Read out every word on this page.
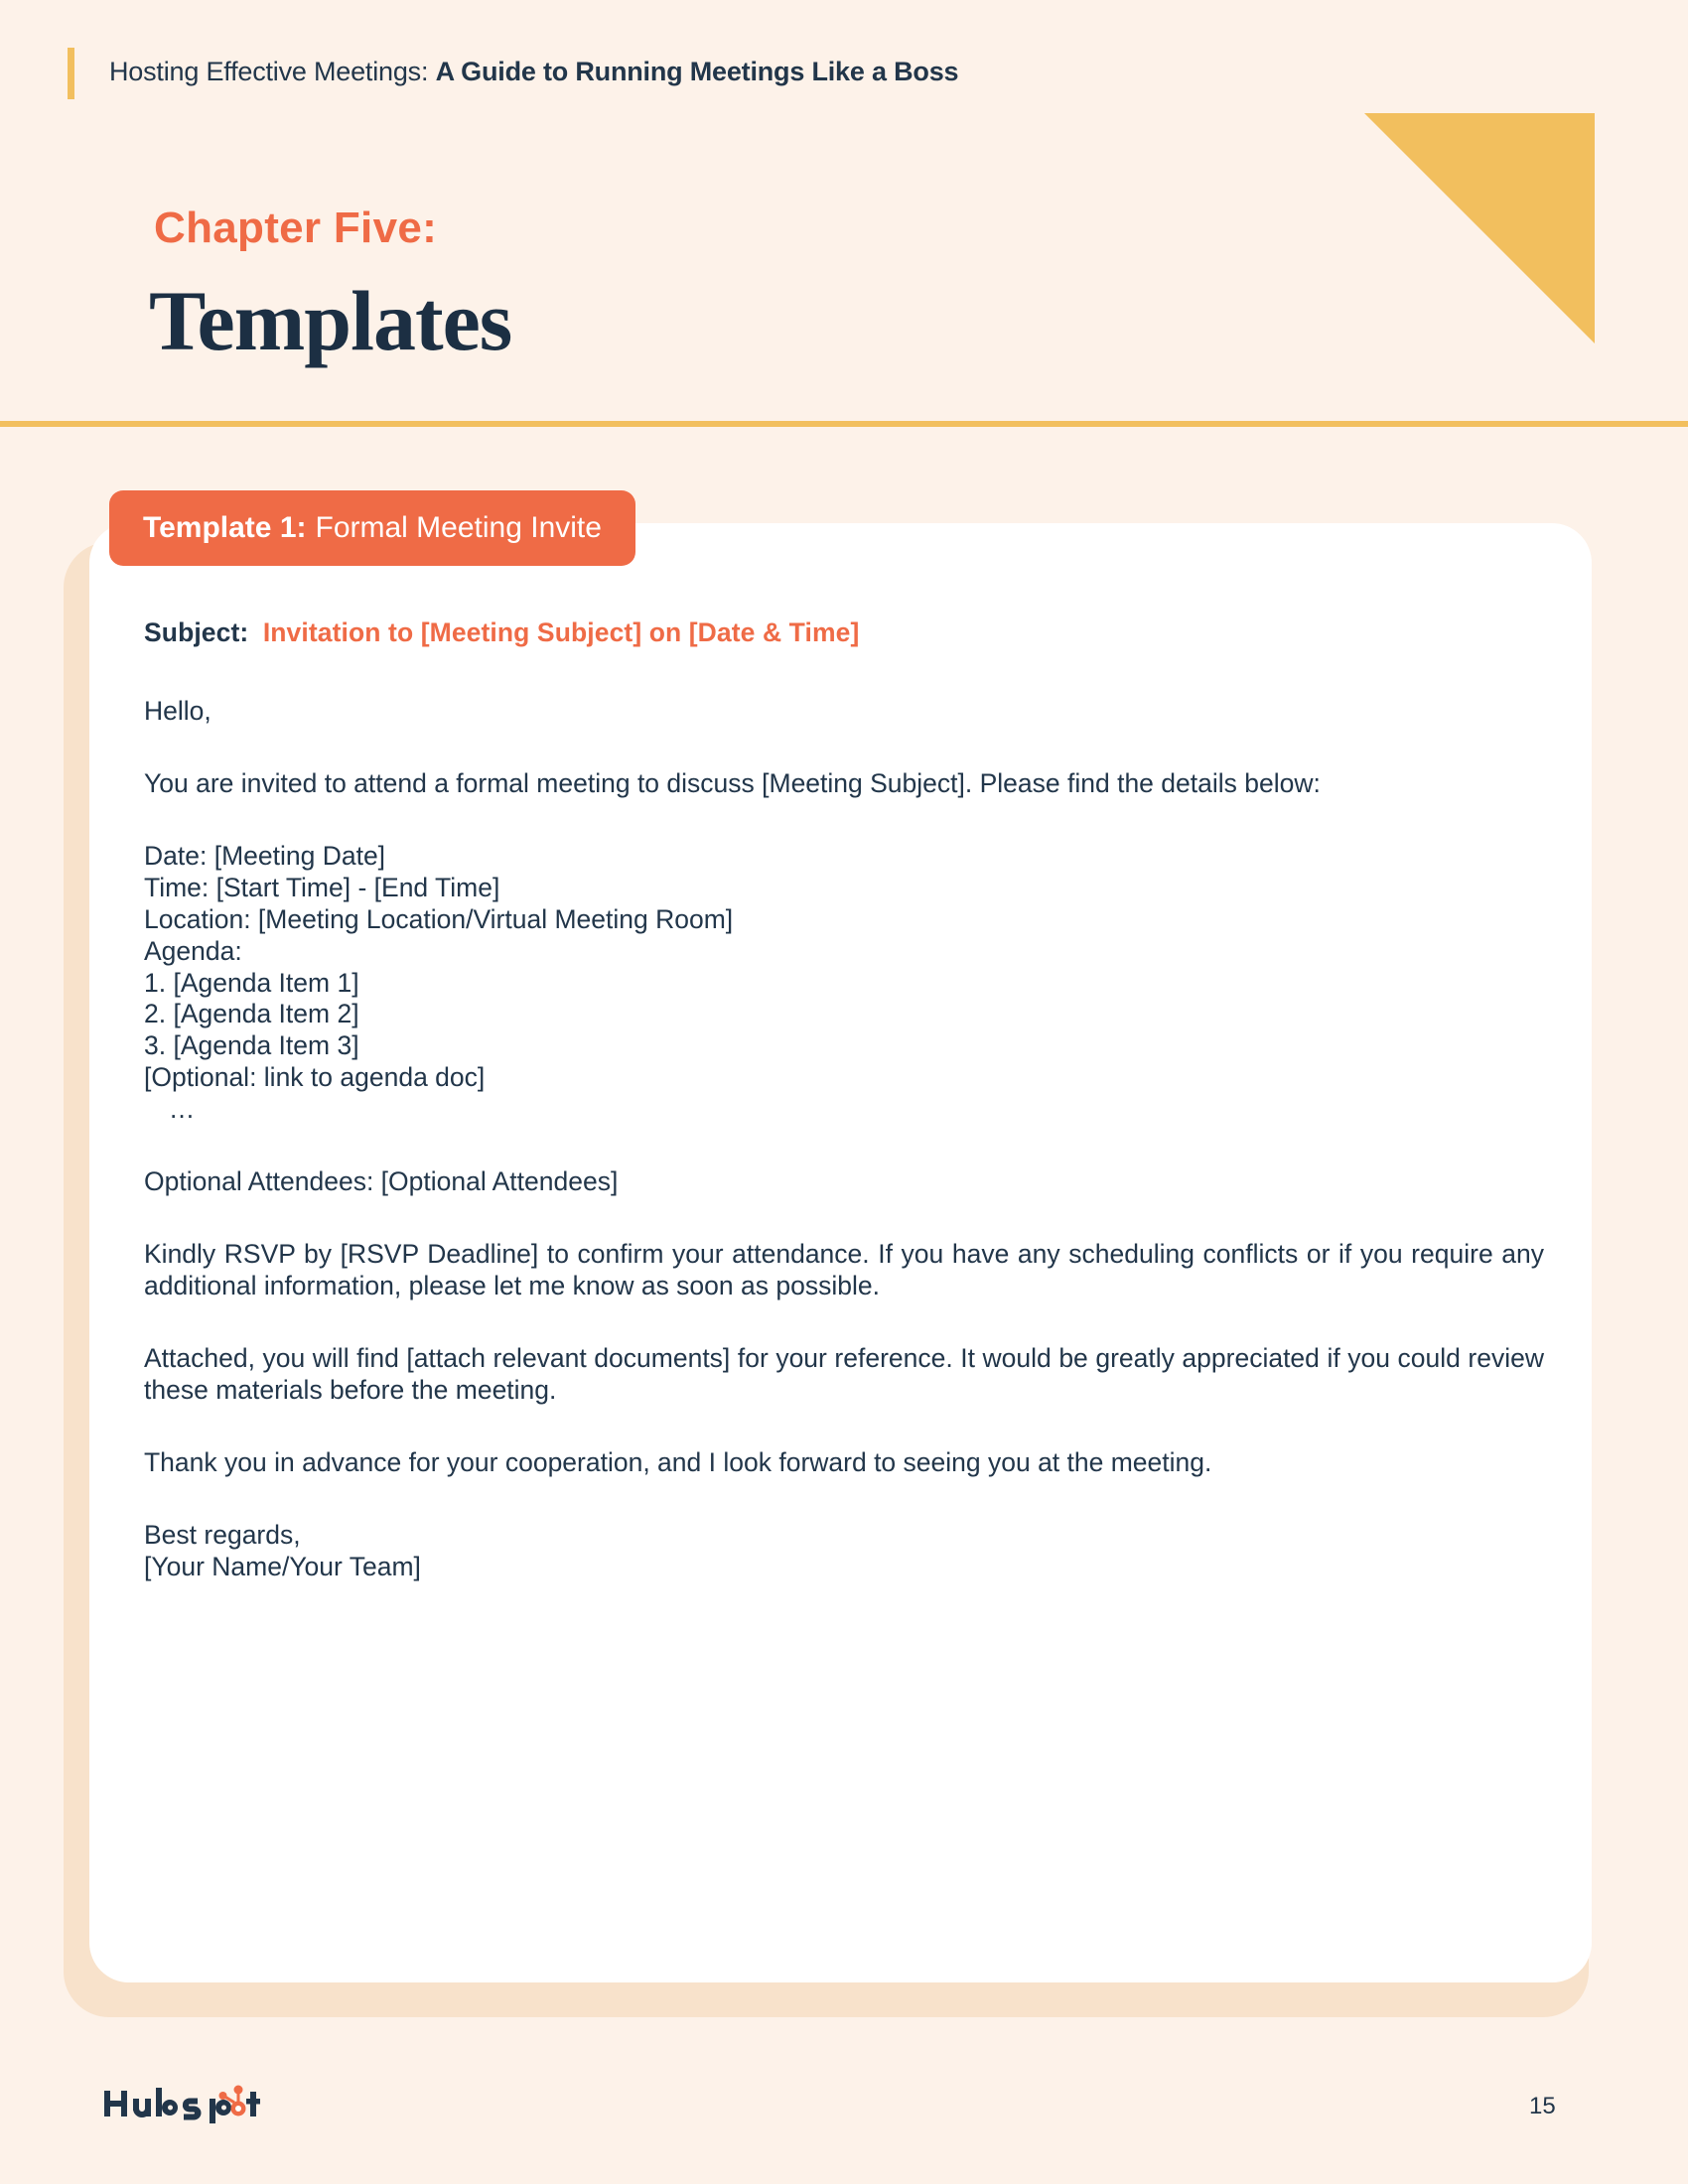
Hosting Effective Meetings: A Guide to Running Meetings Like a Boss
Chapter Five:
Templates
Template 1: Formal Meeting Invite
Subject: Invitation to [Meeting Subject] on [Date & Time]
Hello,
You are invited to attend a formal meeting to discuss [Meeting Subject]. Please find the details below:
Date: [Meeting Date]
Time: [Start Time] - [End Time]
Location: [Meeting Location/Virtual Meeting Room]
Agenda:
1. [Agenda Item 1]
2. [Agenda Item 2]
3. [Agenda Item 3]
[Optional: link to agenda doc]
...
Optional Attendees: [Optional Attendees]
Kindly RSVP by [RSVP Deadline] to confirm your attendance. If you have any scheduling conflicts or if you require any additional information, please let me know as soon as possible.
Attached, you will find [attach relevant documents] for your reference. It would be greatly appreciated if you could review these materials before the meeting.
Thank you in advance for your cooperation, and I look forward to seeing you at the meeting.
Best regards,
[Your Name/Your Team]
15
